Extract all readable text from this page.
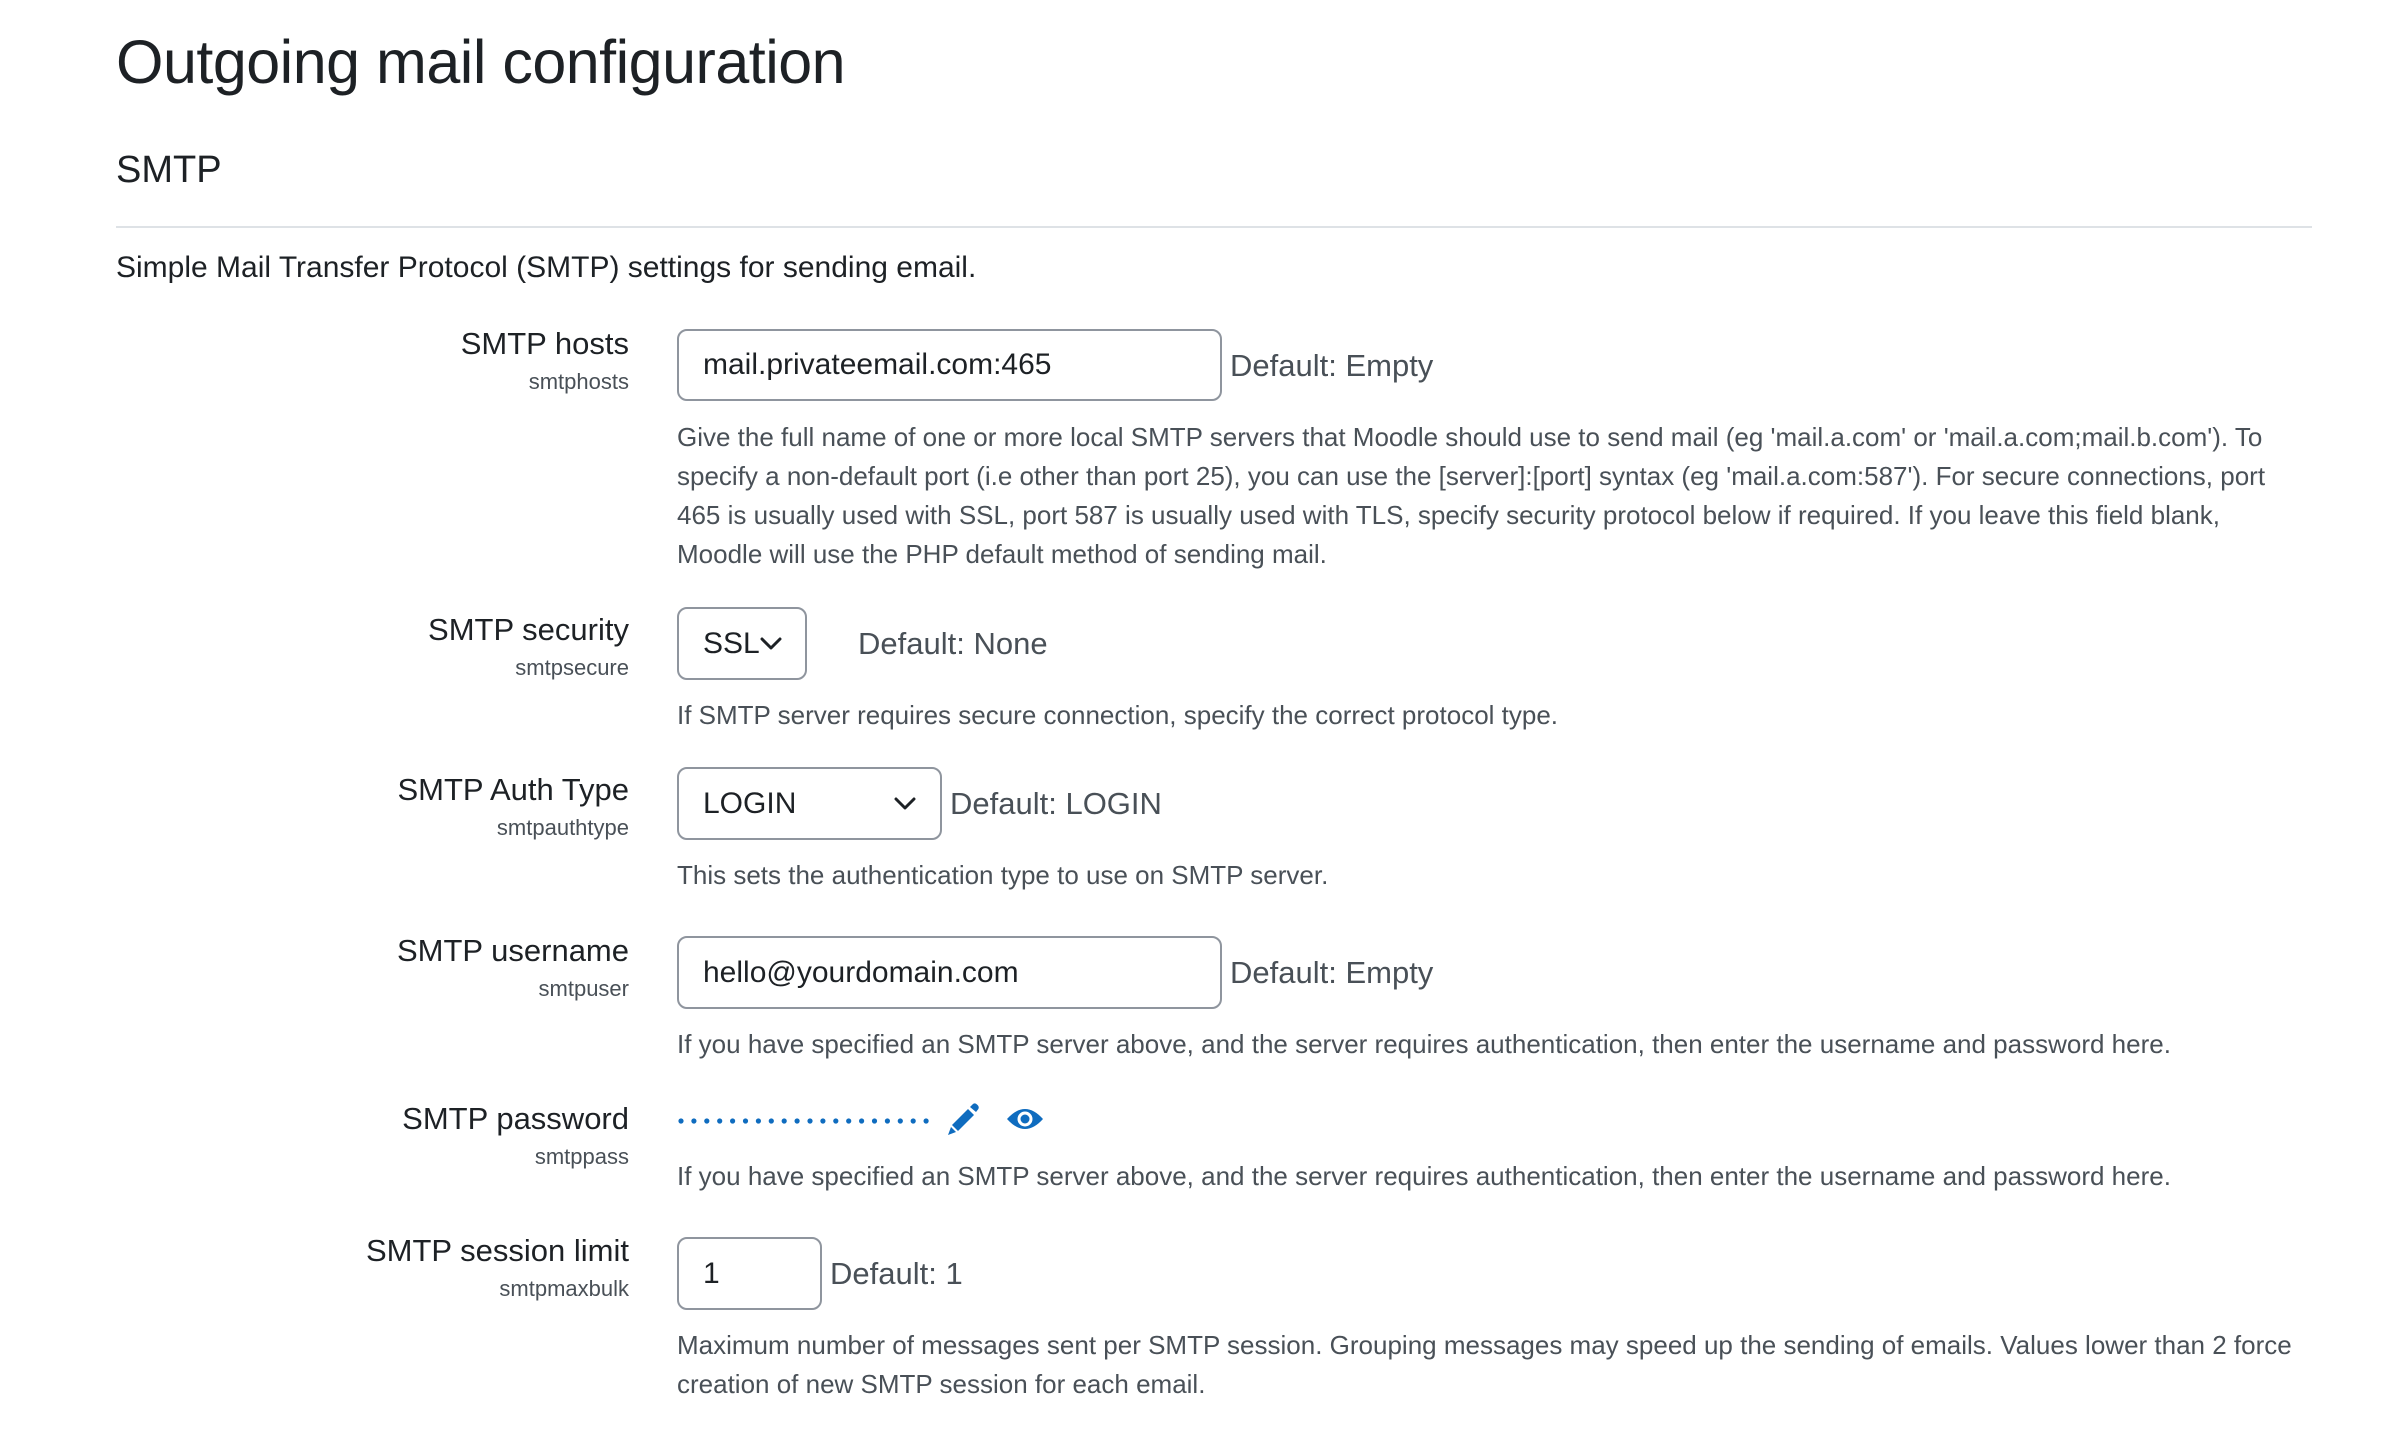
Outgoing mail configuration
SMTP

Simple Mail Transfer Protocol (SMTP) settings for sending email.

SMTP hosts
smtphosts
mail.privateemail.com:465	Default: Empty

Give the full name of one or more local SMTP servers that Moodle should use to send mail (eg 'mail.a.com' or 'mail.a.com;mail.b.com'). To specify a non-default port (i.e other than port 25), you can use the [server]:[port] syntax (eg 'mail.a.com:587'). For secure connections, port 465 is usually used with SSL, port 587 is usually used with TLS, specify security protocol below if required. If you leave this field blank, Moodle will use the PHP default method of sending mail.

SMTP security
smtpsecure
SSL	Default: None

If SMTP server requires secure connection, specify the correct protocol type.

SMTP Auth Type
smtpauthtype
LOGIN	Default: LOGIN

This sets the authentication type to use on SMTP server.

SMTP username
smtpuser
hello@yourdomain.com	Default: Empty

If you have specified an SMTP server above, and the server requires authentication, then enter the username and password here.

SMTP password
smtppass

If you have specified an SMTP server above, and the server requires authentication, then enter the username and password here.

SMTP session limit
smtpmaxbulk
1	Default: 1

Maximum number of messages sent per SMTP session. Grouping messages may speed up the sending of emails. Values lower than 2 force creation of new SMTP session for each email.
